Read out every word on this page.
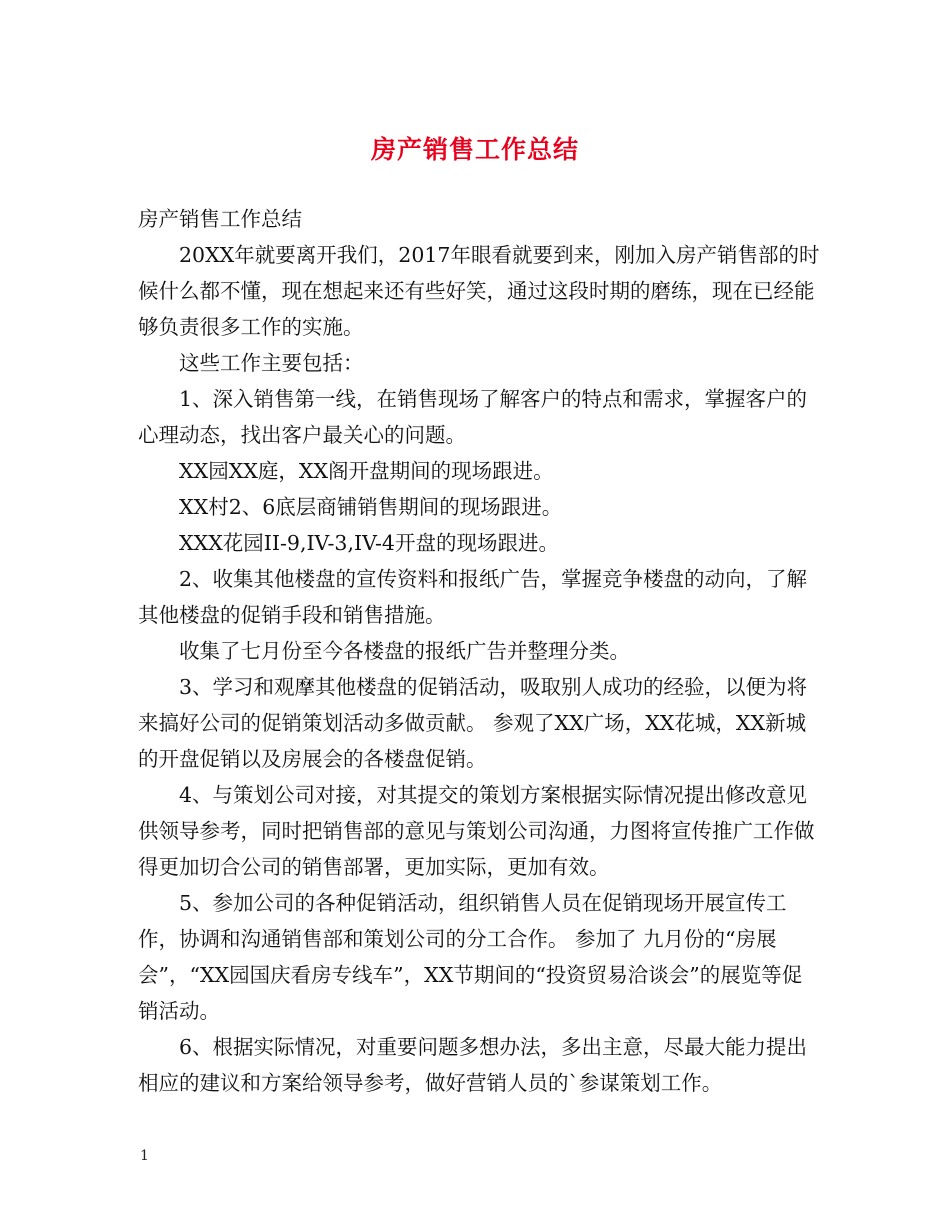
房产销售工作总结

房产销售工作总结

20XX年就要离开我们，2017年眼看就要到来，刚加入房产销售部的时候什么都不懂，现在想起来还有些好笑，通过这段时期的磨练，现在已经能够负责很多工作的实施。

这些工作主要包括：

1、深入销售第一线，在销售现场了解客户的特点和需求，掌握客户的心理动态，找出客户最关心的问题。

XX园XX庭，XX阁开盘期间的现场跟进。

XX村2、6底层商铺销售期间的现场跟进。

XXX花园II-9,IV-3,IV-4开盘的现场跟进。

2、收集其他楼盘的宣传资料和报纸广告，掌握竞争楼盘的动向，了解其他楼盘的促销手段和销售措施。

收集了七月份至今各楼盘的报纸广告并整理分类。

3、学习和观摩其他楼盘的促销活动，吸取别人成功的经验，以便为将来搞好公司的促销策划活动多做贡献。 参观了XX广场，XX花城，XX新城的开盘促销以及房展会的各楼盘促销。

4、与策划公司对接，对其提交的策划方案根据实际情况提出修改意见供领导参考，同时把销售部的意见与策划公司沟通，力图将宣传推广工作做得更加切合公司的销售部署，更加实际，更加有效。

5、参加公司的各种促销活动，组织销售人员在促销现场开展宣传工作，协调和沟通销售部和策划公司的分工合作。 参加了 九月份的“房展会”，“XX园国庆看房专线车”，XX节期间的“投资贸易洽谈会”的展览等促销活动。

6、根据实际情况，对重要问题多想办法，多出主意，尽最大能力提出相应的建议和方案给领导参考，做好营销人员的`参谋策划工作。

1
